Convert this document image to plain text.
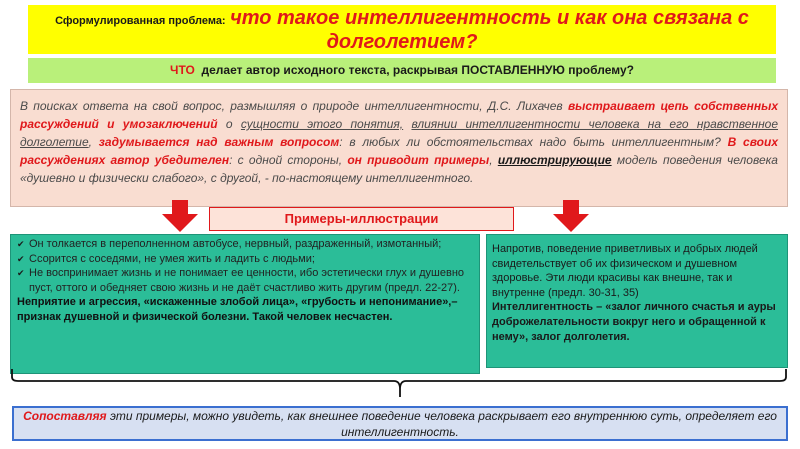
Сформулированная проблема: что такое интеллигентность и как она связана с долголетием?
ЧТО делает автор исходного текста, раскрывая ПОСТАВЛЕННУЮ проблему?
В поисках ответа на свой вопрос, размышляя о природе интеллигентности, Д.С. Лихачев выстраивает цепь собственных рассуждений и умозаключений о сущности этого понятия, влиянии интеллигентности человека на его нравственное долголетие, задумывается над важным вопросом: в любых ли обстоятельствах надо быть интеллигентным? В своих рассуждениях автор убедителен: с одной стороны, он приводит примеры, иллюстрирующие модель поведения человека «душевно и физически слабого», с другой, - по-настоящему интеллигентного.
Примеры-иллюстрации
✔ Он толкается в переполненном автобусе, нервный, раздраженный, измотанный;
✔ Ссорится с соседями, не умея жить и ладить с людьми;
✔ Не воспринимает жизнь и не понимает ее ценности, ибо эстетически глух и душевно пуст, оттого и обедняет свою жизнь и не даёт счастливо жить другим (предл. 22-27).
Неприятие и агрессия, «искаженные злобой лица», «грубость и непонимание»,– признак душевной и физической болезни. Такой человек несчастен.
Напротив, поведение приветливых и добрых людей свидетельствует об их физическом и душевном здоровье. Эти люди красивы как внешне, так и внутренне (предл. 30-31, 35)
Интеллигентность – «залог личного счастья и ауры доброжелательности вокруг него и обращенной к нему», залог долголетия.
Сопоставляя эти примеры, можно увидеть, как внешнее поведение человека раскрывает его внутреннюю суть, определяет его интеллигентность.
